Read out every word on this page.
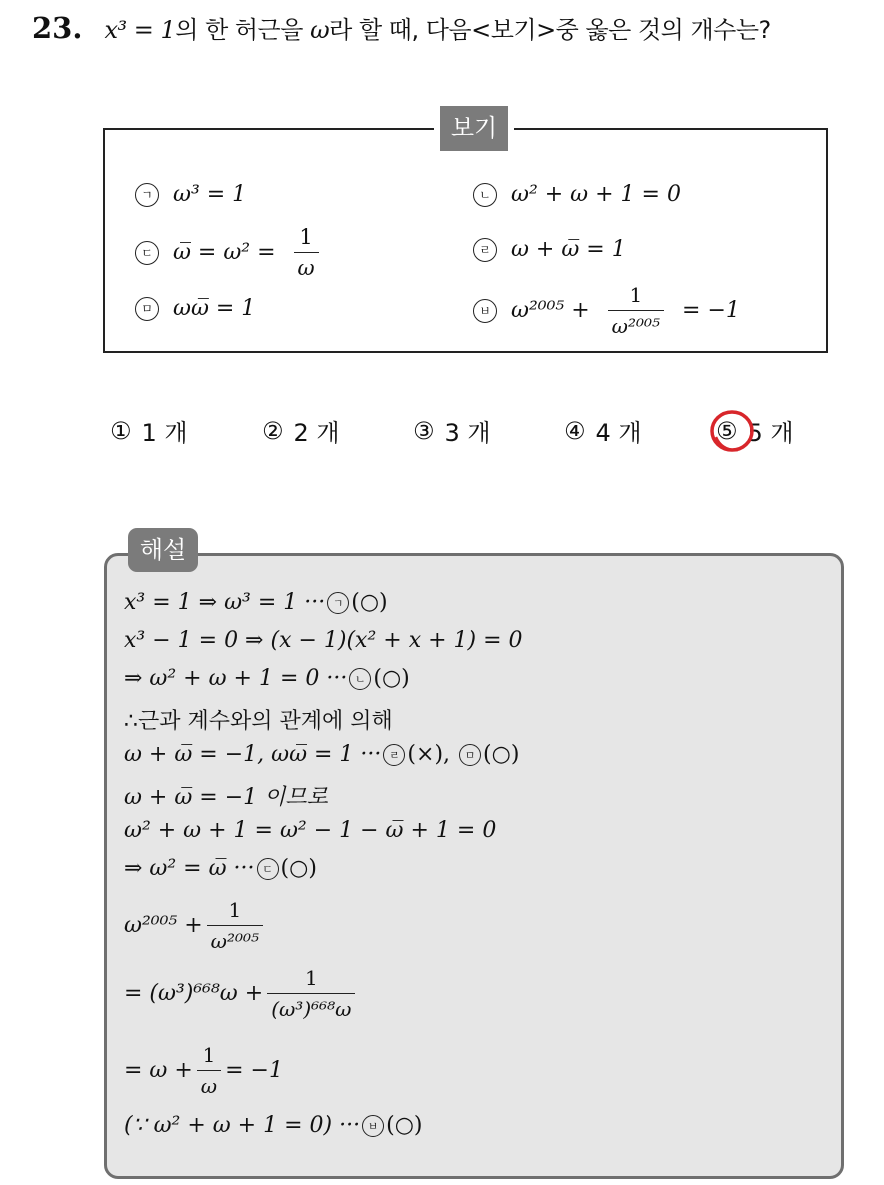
23. x³ = 1의 한 허근을 ω라 할 때, 다음<보기>중 옳은 것의 개수는?
보기
ㄱ ω³ = 1	ㄴ ω² + ω + 1 = 0
ㄷ ω̅ = $\omega^2 = \frac{1}{\omega}$	ㄹ ω + ω̅ = 1
ㅁ ωω̅ = 1	ㅂ $\omega^{2005} + \frac{1}{\text{ω²⁰⁰⁵}} = -1$
① 1 개	② 2 개	③ 3 개	④ 4 개	⑤ 5 개
해설
x³ = 1 ⇒ ω³ = 1 ··· ㄱ (○)
x³ − 1 = 0 ⇒ (x − 1)(x² + x + 1) = 0
⇒ ω² + ω + 1 = 0 ··· ㄴ (○)
∴근과 계수와의 관계에 의해
ω + ω̅ = −1, ωω̅ = 1 ··· ㄹ (×), ㅁ (○)
ω + ω̅ = −1 이므로
ω² + ω + 1 = ω² − 1 − ω̅ + 1 = 0
⇒ ω² = ω̅ ··· ㄷ (○)
$\omega^{2005} + \frac{1}{\text{ω²⁰⁰⁵}}$
= $(\omega^3)^{668}\omega + \frac{1}{\text{(ω³)⁶⁶⁸ω}}$
= $\omega + \frac{1}{\omega} = -1$
(∵ ω² + ω + 1 = 0) ··· ㅂ (○)
